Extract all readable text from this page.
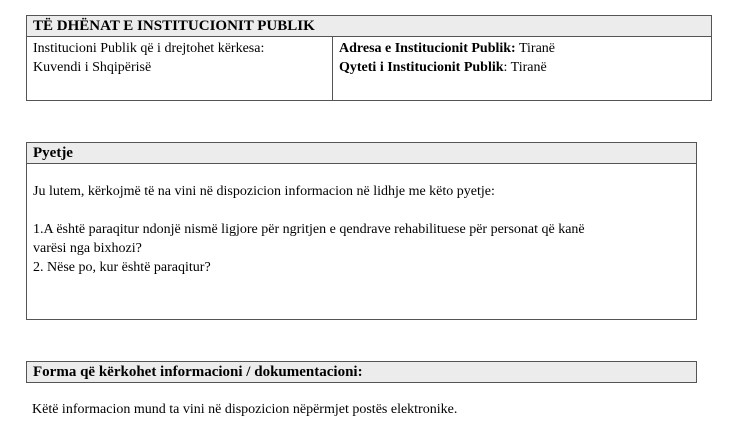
TË DHËNAT E INSTITUCIONIT PUBLIK
Institucioni Publik që i drejtohet kërkesa:
Kuvendi i Shqipërisë
Adresa e Institucionit Publik: Tiranë
Qyteti i Institucionit Publik: Tiranë
Pyetje
Ju lutem, kërkojmë të na vini në dispozicion informacion në lidhje me këto pyetje:
1.A është paraqitur ndonjë nismë ligjore për ngritjen e qendrave rehabilituese për personat që kanë
varësi nga bixhozi?
2. Nëse po, kur është paraqitur?
Forma që kërkohet informacioni / dokumentacioni:
Këtë informacion mund ta vini në dispozicion nëpërmjet postës elektronike.
